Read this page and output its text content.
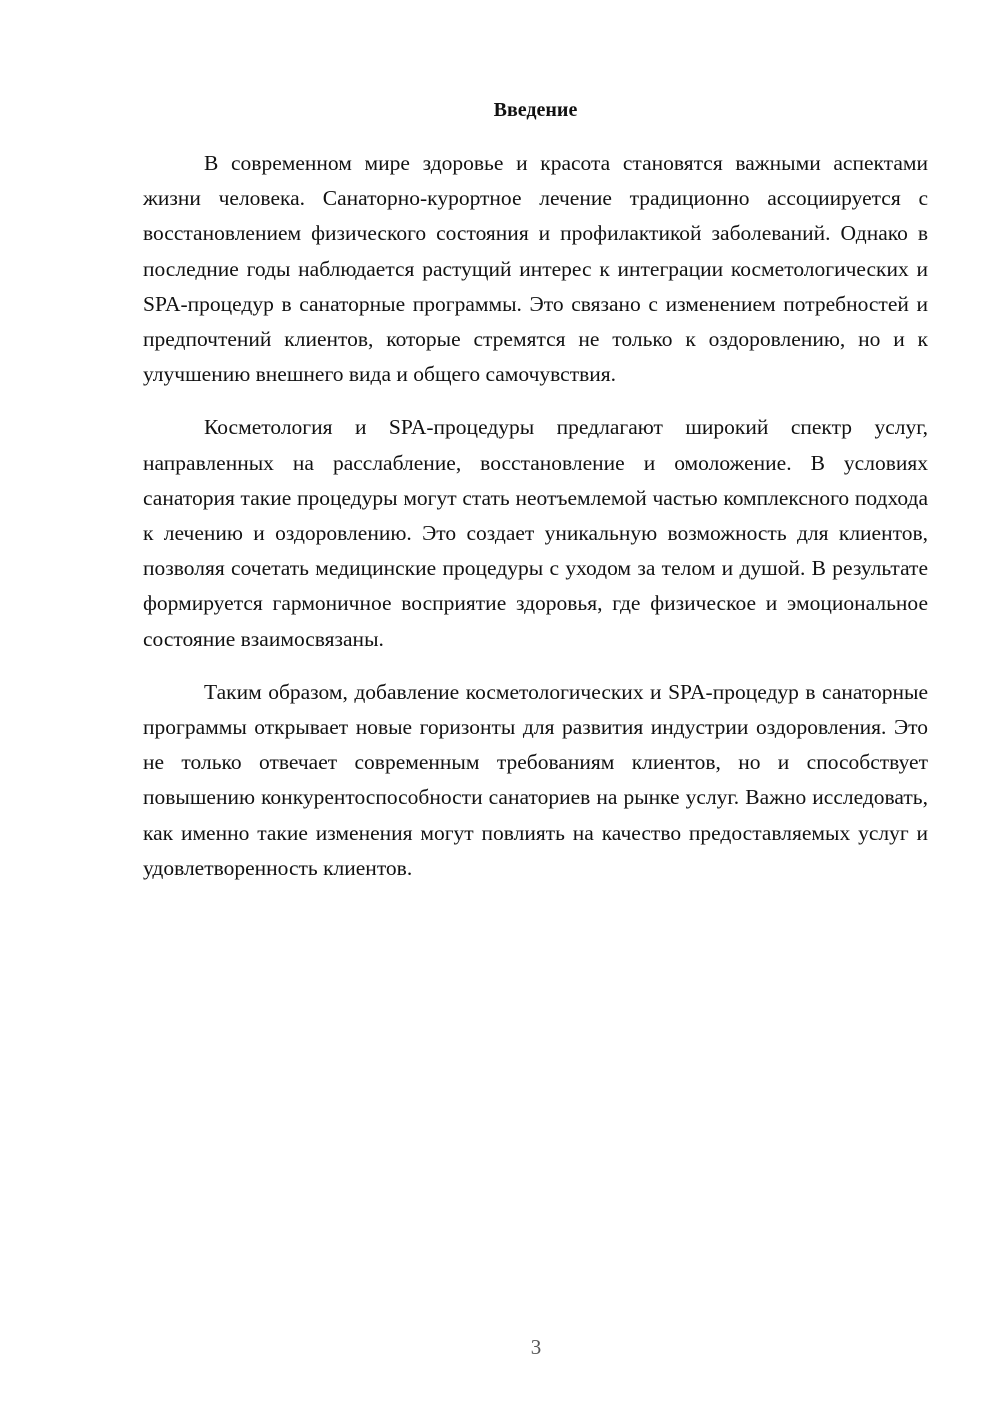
Введение

В современном мире здоровье и красота становятся важными аспектами жизни человека. Санаторно-курортное лечение традиционно ассоциируется с восстановлением физического состояния и профилактикой заболеваний. Однако в последние годы наблюдается растущий интерес к интеграции косметологических и SPA-процедур в санаторные программы. Это связано с изменением потребностей и предпочтений клиентов, которые стремятся не только к оздоровлению, но и к улучшению внешнего вида и общего самочувствия.

Косметология и SPA-процедуры предлагают широкий спектр услуг, направленных на расслабление, восстановление и омоложение. В условиях санатория такие процедуры могут стать неотъемлемой частью комплексного подхода к лечению и оздоровлению. Это создает уникальную возможность для клиентов, позволяя сочетать медицинские процедуры с уходом за телом и душой. В результате формируется гармоничное восприятие здоровья, где физическое и эмоциональное состояние взаимосвязаны.

Таким образом, добавление косметологических и SPA-процедур в санаторные программы открывает новые горизонты для развития индустрии оздоровления. Это не только отвечает современным требованиям клиентов, но и способствует повышению конкурентоспособности санаториев на рынке услуг. Важно исследовать, как именно такие изменения могут повлиять на качество предоставляемых услуг и удовлетворенность клиентов.

3
